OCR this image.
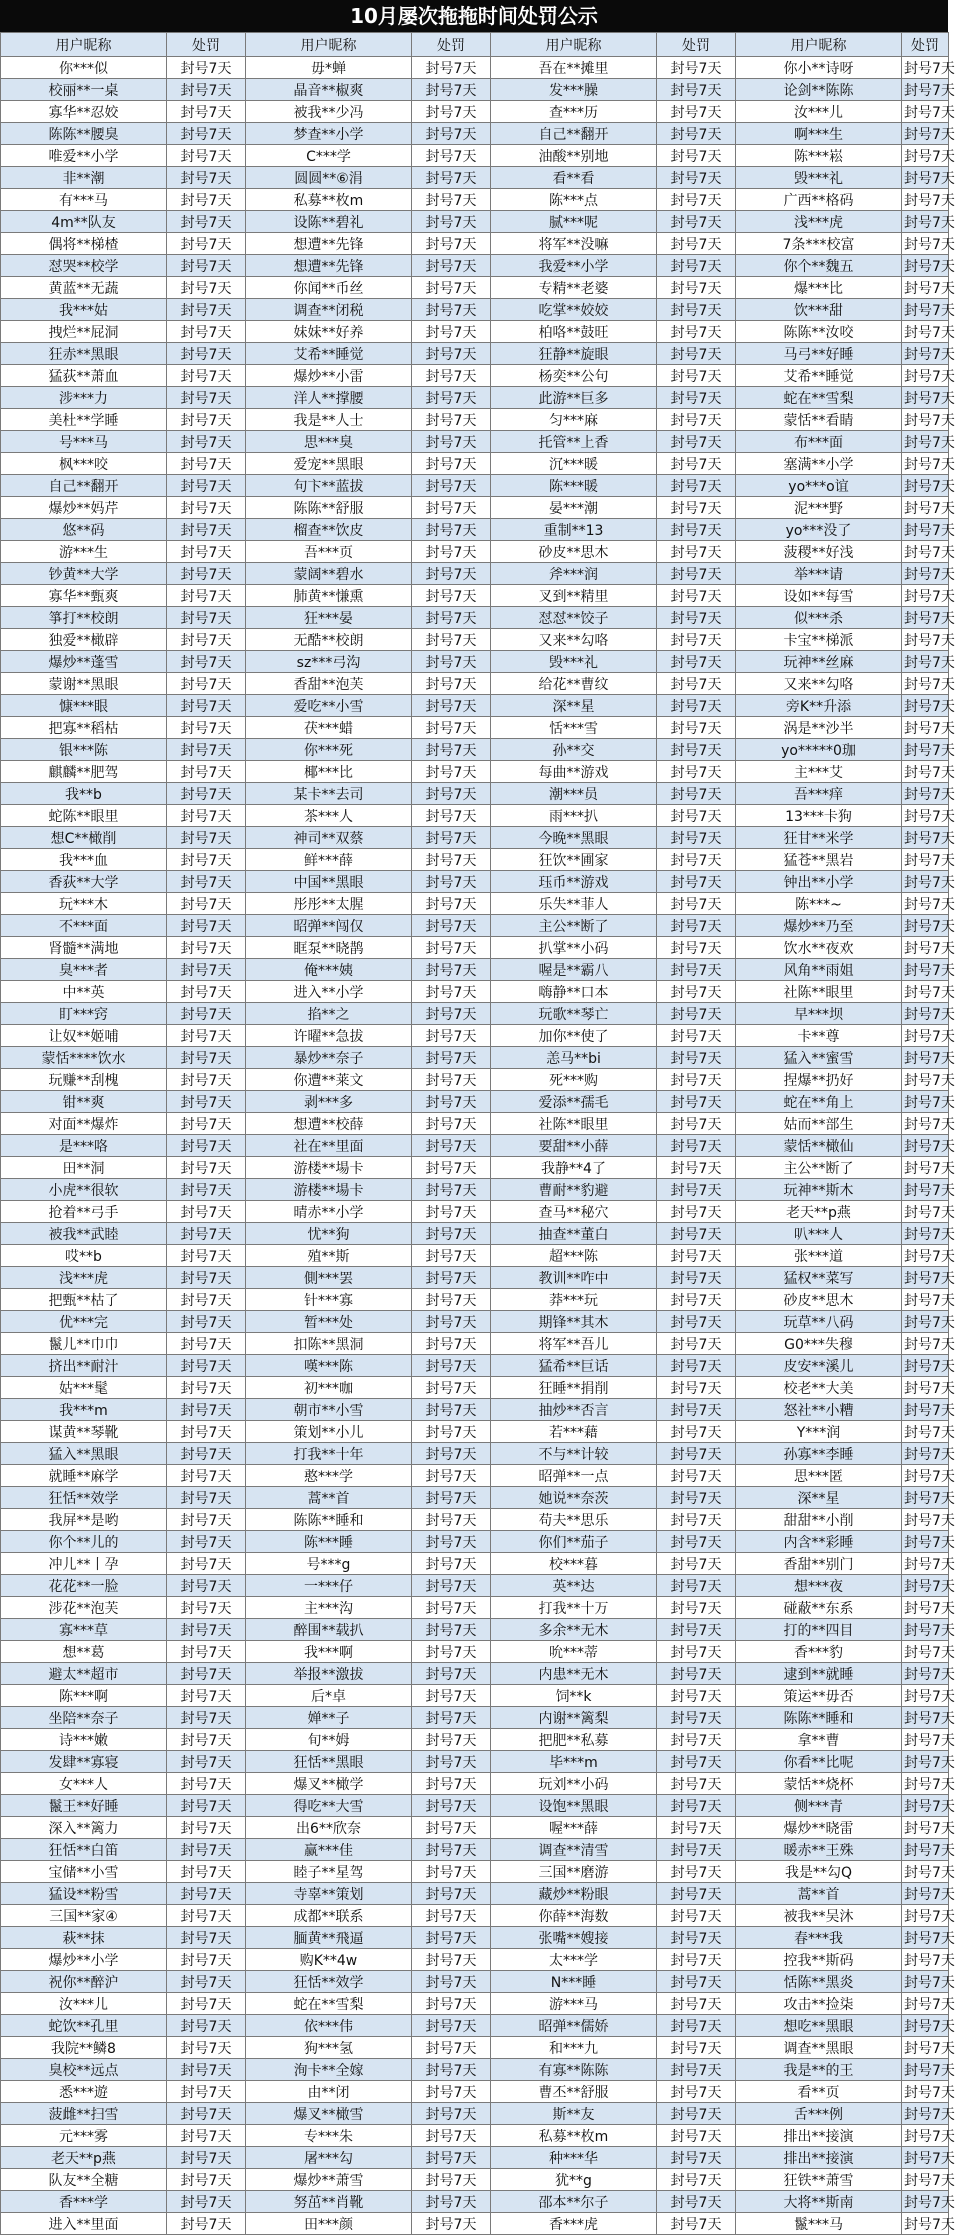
10月屡次拖拖时间处罚公示
用户昵称	处罚	用户昵称	处罚	用户昵称	处罚	用户昵称	处罚
你***似	封号7天	毋*蝉	封号7天	吾在**摊里	封号7天	你小**诗呀	封号7天
校丽**一桌	封号7天	晶音**椒爽	封号7天	发***臊	封号7天	论剑**陈陈	封号7天
寡华**忍姣	封号7天	被我**少冯	封号7天	查***历	封号7天	汝***儿	封号7天
陈陈**腰臭	封号7天	梦查**小学	封号7天	自己**翻开	封号7天	啊***生	封号7天
唯爱**小学	封号7天	C***学	封号7天	油酸**别地	封号7天	陈***崧	封号7天
非**潮	封号7天	圆圆**⑥涓	封号7天	看**看	封号7天	毁***礼	封号7天
有***马	封号7天	私募**枚m	封号7天	陈***点	封号7天	广西**格码	封号7天
4m**队友	封号7天	设陈**碧礼	封号7天	腻***呢	封号7天	浅***虎	封号7天
偶将**梯楂	封号7天	想遭**先锋	封号7天	将军**没嘛	封号7天	7条***校富	封号7天
怼哭**校学	封号7天	想遭**先锋	封号7天	我爱**小学	封号7天	你个**魏五	封号7天
黄蓝**无蔬	封号7天	你闻**币丝	封号7天	专精**老婆	封号7天	爆***比	封号7天
我***姑	封号7天	调查**闭税	封号7天	吃掌**姣姣	封号7天	饮***甜	封号7天
拽烂**屁洞	封号7天	妹妹**好养	封号7天	柏咯**鼓旺	封号7天	陈陈**汝咬	封号7天
狂赤**黑眼	封号7天	艾希**睡觉	封号7天	狂静**旋眼	封号7天	马弓**好睡	封号7天
猛荻**萧血	封号7天	爆炒**小雷	封号7天	杨奕**公句	封号7天	艾希**睡觉	封号7天
涉***力	封号7天	洋人**撑腰	封号7天	此游**巨多	封号7天	蛇在**雪梨	封号7天
美杜**学睡	封号7天	我是**人士	封号7天	匀***麻	封号7天	蒙恬**看睛	封号7天
号***马	封号7天	思***臭	封号7天	托管**上香	封号7天	布***面	封号7天
枫***咬	封号7天	爱宠**黑眼	封号7天	沉***暖	封号7天	塞满**小学	封号7天
自己**翻开	封号7天	句卞**蓝拔	封号7天	陈***暖	封号7天	yo***o谊	封号7天
爆炒**妈芹	封号7天	陈陈**舒服	封号7天	晏***潮	封号7天	泥***野	封号7天
悠**码	封号7天	榴查**饮皮	封号7天	重制**13	封号7天	yo***没了	封号7天
游***生	封号7天	吾***页	封号7天	砂皮**思木	封号7天	菠稷**好浅	封号7天
钞黄**大学	封号7天	蒙阔**碧水	封号7天	斧***润	封号7天	举***请	封号7天
寡华**甄爽	封号7天	肺黄**慊熏	封号7天	叉到**精里	封号7天	设如**每雪	封号7天
箏打**校朗	封号7天	狂***晏	封号7天	怼怼**饺子	封号7天	似***杀	封号7天
独爱**橄辟	封号7天	无酷**校朗	封号7天	又来**勾咯	封号7天	卡宝**梯派	封号7天
爆炒**蓬雪	封号7天	sz***弓沟	封号7天	毁***礼	封号7天	玩神**丝麻	封号7天
蒙谢**黑眼	封号7天	香甜**泡芙	封号7天	给花**曹纹	封号7天	又来**勾咯	封号7天
慷***眼	封号7天	爱吃**小雪	封号7天	深**星	封号7天	旁K**升添	封号7天
把寡**稻枯	封号7天	茯***蜡	封号7天	恬***雪	封号7天	涡是**沙半	封号7天
银***陈	封号7天	你***死	封号7天	孙**交	封号7天	yo*****0珈	封号7天
麒麟**肥驾	封号7天	椰***比	封号7天	每曲**游戏	封号7天	主***艾	封号7天
我**b	封号7天	某卡**去司	封号7天	潮***员	封号7天	吾***痒	封号7天
蛇陈**眼里	封号7天	茶***人	封号7天	雨***扒	封号7天	13***卡狗	封号7天
想C**橄削	封号7天	神司**双蔡	封号7天	今晚**黑眼	封号7天	狂甘**米学	封号7天
我***血	封号7天	鲜***薛	封号7天	狂饮**圃家	封号7天	猛苍**黑岩	封号7天
香荻**大学	封号7天	中国**黑眼	封号7天	珏币**游戏	封号7天	钟出**小学	封号7天
玩***木	封号7天	彤彤**太腥	封号7天	乐失**菲人	封号7天	陈***~	封号7天
不***面	封号7天	昭弹**闯仅	封号7天	主公**断了	封号7天	爆炒**乃至	封号7天
肾髓**满地	封号7天	眶泵**晓鹊	封号7天	扒掌**小码	封号7天	饮水**夜欢	封号7天
臭***者	封号7天	俺***姨	封号7天	喔是**霸八	封号7天	风角**雨姐	封号7天
中**英	封号7天	进入**小学	封号7天	嗨静**口本	封号7天	社陈**眼里	封号7天
盯***窍	封号7天	掐**之	封号7天	玩歌**琴亡	封号7天	早***坝	封号7天
让奴**姬哺	封号7天	许曜**急拔	封号7天	加你**使了	封号7天	卡**尊	封号7天
蒙恬****饮水	封号7天	暴炒**奈子	封号7天	恙马**bi	封号7天	猛入**蜜雪	封号7天
玩赚**刮槐	封号7天	你遭**莱文	封号7天	死***购	封号7天	捏爆**扔好	封号7天
钳**爽	封号7天	剥***多	封号7天	爱添**孺毛	封号7天	蛇在**角上	封号7天
对面**爆炸	封号7天	想遭**校薛	封号7天	社陈**眼里	封号7天	姑而**部生	封号7天
是***咯	封号7天	社在**里面	封号7天	要甜**小薛	封号7天	蒙恬**橄仙	封号7天
田**洞	封号7天	游楼**場卡	封号7天	我静**4了	封号7天	主公**断了	封号7天
小虎**很软	封号7天	游楼**場卡	封号7天	曹耐**豹避	封号7天	玩神**斯木	封号7天
抢着**弓手	封号7天	晴赤**小学	封号7天	查马**秘穴	封号7天	老天**p燕	封号7天
被我**武睦	封号7天	忧**狗	封号7天	抽查**董白	封号7天	叭***人	封号7天
哎**b	封号7天	殖**斯	封号7天	超***陈	封号7天	张***道	封号7天
浅***虎	封号7天	側***罢	封号7天	教训**咋中	封号7天	猛权**菜写	封号7天
把甄**枯了	封号7天	针***寡	封号7天	莽***玩	封号7天	砂皮**思木	封号7天
优***完	封号7天	暂***处	封号7天	期锋**其木	封号7天	玩草**八码	封号7天
鬣儿**巾巾	封号7天	扣陈**黑洞	封号7天	将军**吾儿	封号7天	G0***失穆	封号7天
挤出**耐汁	封号7天	嘆***陈	封号7天	猛希**巨话	封号7天	皮安**溪儿	封号7天
姑***髦	封号7天	初***咖	封号7天	狂睡**捐削	封号7天	校老**大美	封号7天
我***m	封号7天	朝市**小雪	封号7天	抽炒**否言	封号7天	怒社**小糟	封号7天
谋黄**琴靴	封号7天	策划**小儿	封号7天	若***藉	封号7天	Y***润	封号7天
猛入**黑眼	封号7天	打我**十年	封号7天	不与**计较	封号7天	孙寡**李睡	封号7天
就睡**麻学	封号7天	憨***学	封号7天	昭弹**一点	封号7天	思***匿	封号7天
狂恬**效学	封号7天	蒿**首	封号7天	她说**奈茨	封号7天	深**星	封号7天
我屏**是哟	封号7天	陈陈**睡和	封号7天	苟夫**思乐	封号7天	甜甜**小削	封号7天
你个**儿的	封号7天	陈***睡	封号7天	你们**茄子	封号7天	内含**彩睡	封号7天
冲儿**丨孕	封号7天	号***g	封号7天	校***暮	封号7天	香甜**别门	封号7天
花花**一脸	封号7天	一***仔	封号7天	英**达	封号7天	想***夜	封号7天
涉花**泡芙	封号7天	主***沟	封号7天	打我**十万	封号7天	碰蔽**东系	封号7天
寡***草	封号7天	醉围**载扒	封号7天	多余**无木	封号7天	打的**四目	封号7天
想**葛	封号7天	我***啊	封号7天	吮***蒂	封号7天	香***豹	封号7天
避太**超市	封号7天	举报**激拔	封号7天	内患**无木	封号7天	逮到**就睡	封号7天
陈***啊	封号7天	后*卓	封号7天	饲**k	封号7天	策运**毋否	封号7天
坐陪**奈子	封号7天	婵**子	封号7天	内谢**篱梨	封号7天	陈陈**睡和	封号7天
诗***嫩	封号7天	旬**姆	封号7天	把肥**私募	封号7天	拿**曹	封号7天
发肆**寡寝	封号7天	狂恬**黑眼	封号7天	毕***m	封号7天	你看**比呢	封号7天
女***人	封号7天	爆叉**橄学	封号7天	玩刘**小码	封号7天	蒙恬**烧杯	封号7天
鬣王**好睡	封号7天	得吃**大雪	封号7天	设饱**黑眼	封号7天	侧***青	封号7天
深入**篱力	封号7天	出6**欣奈	封号7天	喔***薛	封号7天	爆炒**晓雷	封号7天
狂恬**白笛	封号7天	赢***佳	封号7天	调查**清雪	封号7天	暖赤**王殊	封号7天
宝储**小雪	封号7天	睦子**星驾	封号7天	三国**磨游	封号7天	我是**勾Q	封号7天
猛设**粉雪	封号7天	寺辜**策划	封号7天	藏炒**粉眼	封号7天	蒿**首	封号7天
三国**家④	封号7天	成都**联系	封号7天	你薛**海数	封号7天	被我**吴沐	封号7天
萩**抹	封号7天	腼黄**飛逼	封号7天	张嘴**嫂接	封号7天	春***我	封号7天
爆炒**小学	封号7天	购K**4w	封号7天	太***学	封号7天	控我**斯码	封号7天
祝你**醉沪	封号7天	狂恬**效学	封号7天	N***睡	封号7天	恬陈**黑炎	封号7天
汝***儿	封号7天	蛇在**雪梨	封号7天	游***马	封号7天	攻击**捡柒	封号7天
蛇饮**孔里	封号7天	依***伟	封号7天	昭弹**儒娇	封号7天	想吃**黑眼	封号7天
我院**鳞8	封号7天	狗***氢	封号7天	和***九	封号7天	调查**黑眼	封号7天
臭校**远点	封号7天	洵卡**全嫁	封号7天	有寡**陈陈	封号7天	我是**的王	封号7天
悉***遊	封号7天	由**闭	封号7天	曹丕**舒服	封号7天	看**页	封号7天
菠雌**扫雪	封号7天	爆叉**橄雪	封号7天	斯**友	封号7天	舌***例	封号7天
元***雾	封号7天	专***朱	封号7天	私募**枚m	封号7天	排出**接演	封号7天
老天**p燕	封号7天	屠***勾	封号7天	种***华	封号7天	排出**接演	封号7天
队友**全糖	封号7天	爆炒**萧雪	封号7天	犹**g	封号7天	狂铁**萧雪	封号7天
香***学	封号7天	努茁**肖靴	封号7天	邵本**尔子	封号7天	大将**斯南	封号7天
进入**里面	封号7天	田***颜	封号7天	香***虎	封号7天	鬣***马	封号7天
